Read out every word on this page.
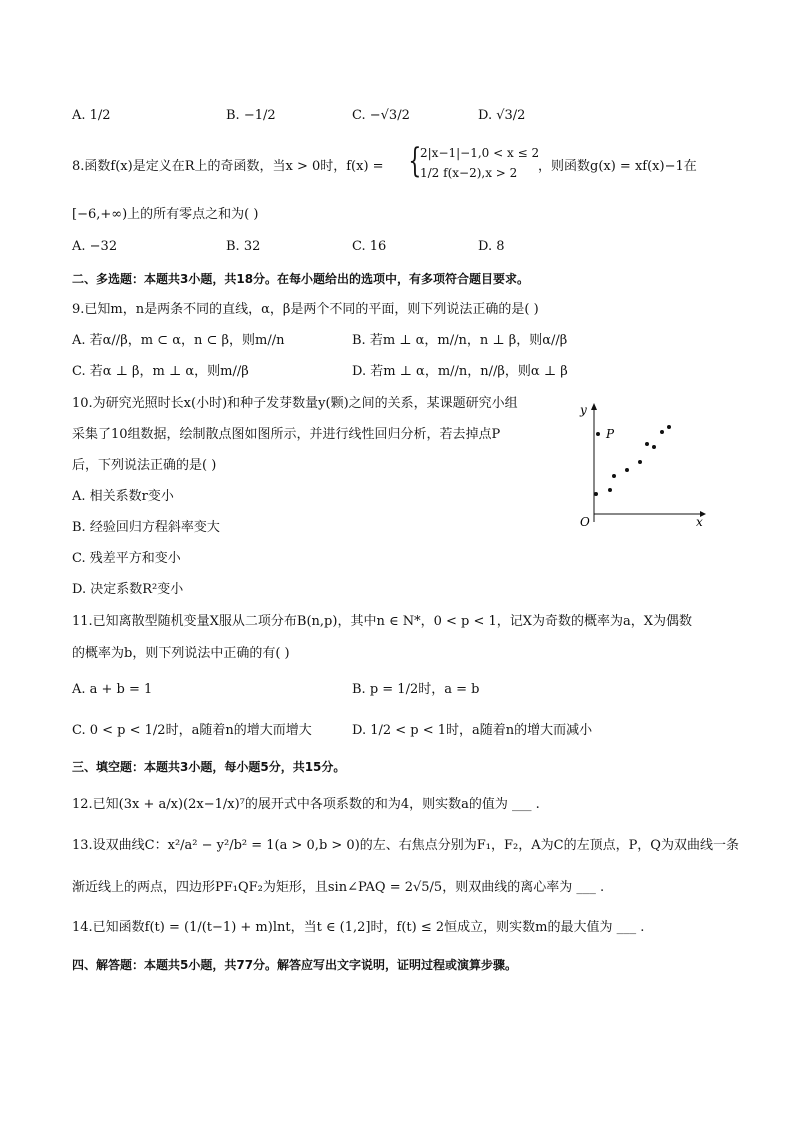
A. 1/2	B. −1/2	C. −√3/2	D. √3/2
8.函数f(x)是定义在R上的奇函数，当x > 0时，f(x) = {
2|x−1|−1,0 < x ≤ 2
1/2 f(x−2),x > 2 ，则函数g(x) = xf(x)−1在
[−6,+∞)上的所有零点之和为( )
A. −32	B. 32	C. 16	D. 8
二、多选题：本题共3小题，共18分。在每小题给出的选项中，有多项符合题目要求。
9.已知m，n是两条不同的直线，α，β是两个不同的平面，则下列说法正确的是( )
A. 若α//β，m ⊂ α，n ⊂ β，则m//n	B. 若m ⊥ α，m//n，n ⊥ β，则α//β
C. 若α ⊥ β，m ⊥ α，则m//β	D. 若m ⊥ α，m//n，n//β，则α ⊥ β
10.为研究光照时长x(小时)和种子发芽数量y(颗)之间的关系，某课题研究小组
采集了10组数据，绘制散点图如图所示，并进行线性回归分析，若去掉点P
后，下列说法正确的是( )
A. 相关系数r变小
B. 经验回归方程斜率变大
C. 残差平方和变小
D. 决定系数R²变小
y
x
O
P
11.已知离散型随机变量X服从二项分布B(n,p)，其中n ∈ N*，0 < p < 1，记X为奇数的概率为a，X为偶数
的概率为b，则下列说法中正确的有( )
A. a + b = 1	B. p = 1/2时，a = b
C. 0 < p < 1/2时，a随着n的增大而增大	D. 1/2 < p < 1时，a随着n的增大而减小
三、填空题：本题共3小题，每小题5分，共15分。
12.已知(3x + a/x)(2x−1/x)⁷的展开式中各项系数的和为4，则实数a的值为 ___ .
13.设双曲线C：x²/a² − y²/b² = 1(a > 0,b > 0)的左、右焦点分别为F₁，F₂，A为C的左顶点，P，Q为双曲线一条
渐近线上的两点，四边形PF₁QF₂为矩形，且sin∠PAQ = 2√5/5，则双曲线的离心率为 ___ .
14.已知函数f(t) = (1/(t−1) + m)lnt，当t ∈ (1,2]时，f(t) ≤ 2恒成立，则实数m的最大值为 ___ .
四、解答题：本题共5小题，共77分。解答应写出文字说明，证明过程或演算步骤。
